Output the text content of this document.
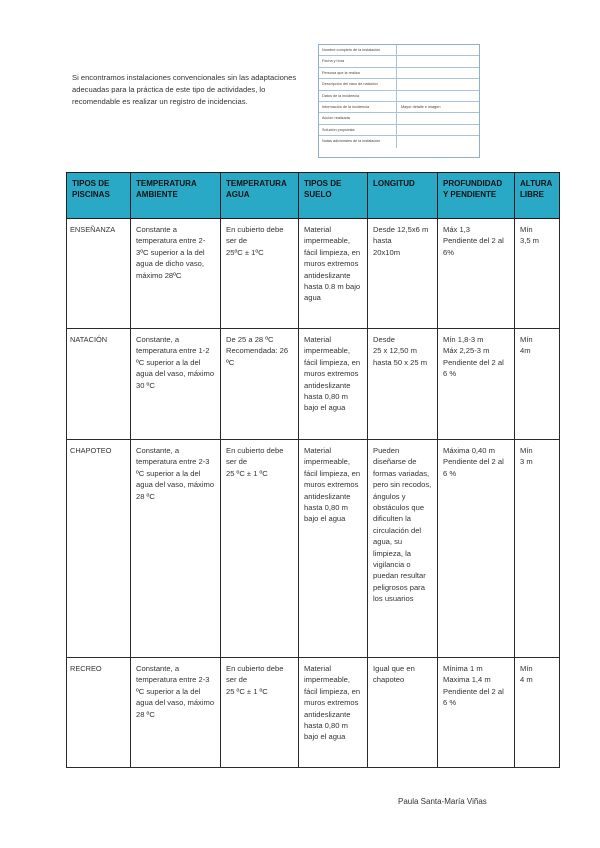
Si encontramos instalaciones convencionales sin las adaptaciones adecuadas para la práctica de este tipo de actividades, lo recomendable es realizar un registro de incidencias.

Nombre completo de la instalación
Fecha y hora
Persona que la realiza
Descripción del vaso de natación
Datos de la incidencia
Información de la incidencia	Mayor detalle e imagen
Acción realizada
Solución propuesta
Notas adicionales de la instalación
TIPOS DE PISCINAS	TEMPERATURA AMBIENTE	TEMPERATURA AGUA	TIPOS DE SUELO	LONGITUD	PROFUNDIDAD Y PENDIENTE	ALTURA LIBRE
ENSEÑANZA	Constante a temperatura entre 2-3ºC superior a la del agua de dicho vaso, máximo 28ºC	En cubierto debe ser de
25ºC ± 1ºC	Material impermeable, fácil limpieza, en muros extremos antideslizante hasta 0.8 m bajo agua	Desde 12,5x6 m hasta
20x10m	Máx 1,3
Pendiente del 2 al 6%	Mín
3,5 m
NATACIÓN	Constante, a temperatura entre 1-2 ºC superior a la del agua del vaso, máximo 30 ºC	De 25 a 28 ºC
Recomendada: 26 ºC	Material impermeable, fácil limpieza, en muros extremos antideslizante hasta 0,80 m bajo el agua	Desde
25 x 12,50 m hasta 50 x 25 m	Mín 1,8-3 m
Máx 2,25-3 m
Pendiente del 2 al 6 %	Mín
4m
CHAPOTEO	Constante, a temperatura entre 2-3 ºC superior a la del agua del vaso, máximo 28 ºC	En cubierto debe ser de
25 ºC ± 1 ºC	Material impermeable, fácil limpieza, en muros extremos antideslizante hasta 0,80 m bajo el agua	Pueden diseñarse de formas variadas, pero sin recodos, ángulos y obstáculos que dificulten la circulación del agua, su limpieza, la vigilancia o puedan resultar peligrosos para los usuarios	Máxima 0,40 m
Pendiente del 2 al 6 %	Mín
3 m
RECREO	Constante, a temperatura entre 2-3 ºC superior a la del agua del vaso, máximo 28 ºC	En cubierto debe ser de
25 ºC ± 1 ºC	Material impermeable, fácil limpieza, en muros extremos antideslizante hasta 0,80 m bajo el agua	Igual que en chapoteo	Mínima 1 m
Maxima 1,4 m
Pendiente del 2 al 6 %	Mín
4 m

Paula Santa-María Viñas
